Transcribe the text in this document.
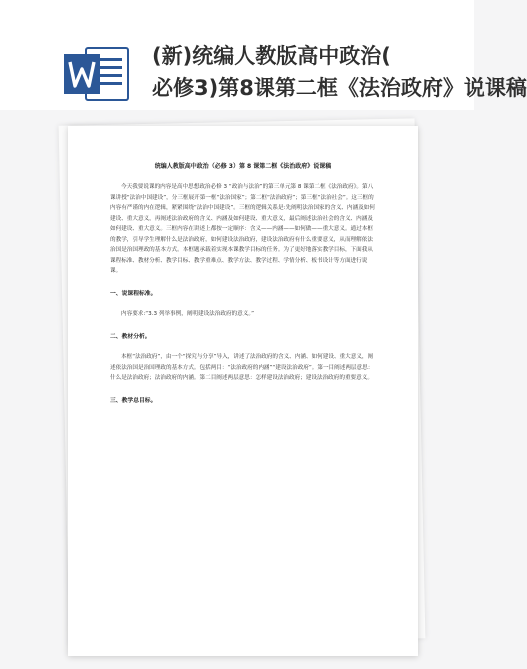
(新)统编人教版高中政治(
必修3)第8课第二框《法治政府》说课稿
统编人教版高中政治（必修 3）第 8 课第二框《法治政府》说课稿

今天我要说课的内容是高中思想政治必修 3 “政治与法治”的第三单元第 8 课第二框《法治政府》。第八课讲授“法治中国建设”，分三框展开第一框“法治国家”；第二框“法治政府”；第三框“法治社会”。这三框的内容有严谨的内在逻辑，紧紧围绕“法治中国建设”。三框的逻辑关系是:先阐明法治国家的含义、内涵及如何建设、重大意义，再阐述法治政府的含义、内涵及如何建设、重大意义，最后阐述法治社会的含义、内涵及如何建设、重大意义。三框内容在讲述上都按一定顺序：含义——内涵——如何做——重大意义。通过本框的教学，引导学生理解什么是法治政府，如何建设法治政府，建设法治政府有什么重要意义，从而理解依法治国是治国理政的基本方式。本框题承载着实现本课教学目标的任务。为了更好地落实教学目标，下面我从课程标准、教材分析、教学目标、教学重难点、教学方法、教学过程、学情分析、板书设计等方面进行说课。

一、说课程标准。

内容要求:“3.3 列举事例，阐明建设法治政府的意义。”

二、教材分析。

本框“法治政府”，由一个“探究与分享”导入，讲述了法治政府的含义、内涵、如何建设、重大意义，阐述依法治国是治国理政的基本方式。包括两目：“法治政府的内涵”“建设法治政府”。第一目阐述两层意思：什么是法治政府；法治政府的内涵。第二目阐述两层意思：怎样建设法治政府；建设法治政府的重要意义。

三、教学总目标。
